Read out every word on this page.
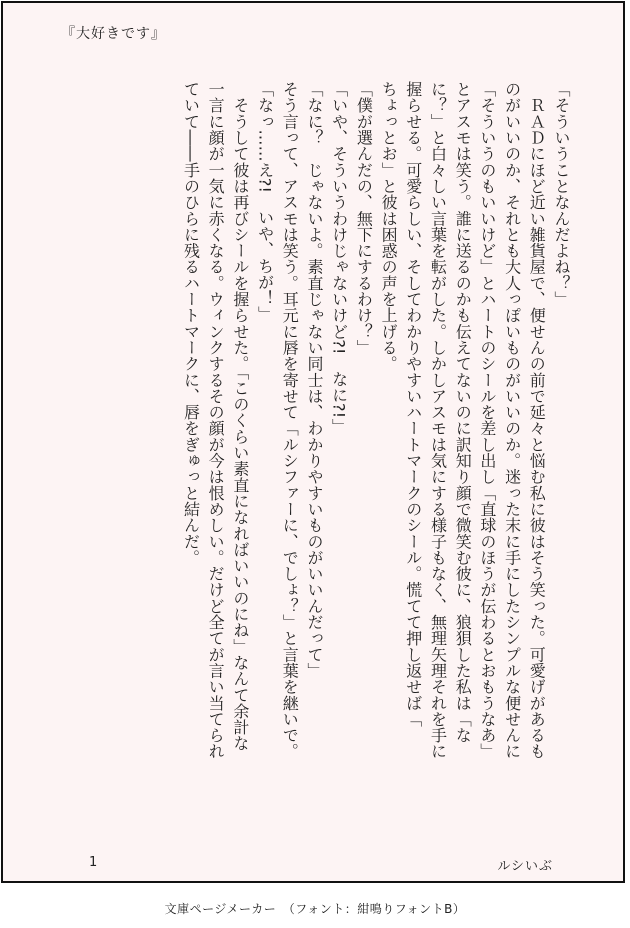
『大好きです』
「そういうことなんだよね？」
　ＲＡＤにほど近い雑貨屋で、便せんの前で延々と悩む私に彼はそう笑った。可愛げがあるも
のがいいのか、それとも大人っぽいものがいいのか。迷った末に手にしたシンプルな便せんに
「そういうのもいいけど」とハートのシールを差し出し「直球のほうが伝わるとおもうなあ」
とアスモは笑う。誰に送るのかも伝えてないのに訳知り顔で微笑む彼に、狼狽した私は「な
に？」と白々しい言葉を転がした。しかしアスモは気にする様子もなく、無理矢理それを手に
握らせる。可愛らしい、そしてわかりやすいハートマークのシール。慌てて押し返せば「
ちょっとお」と彼は困惑の声を上げる。
「僕が選んだの、無下にするわけ？」
「いや、そういうわけじゃないけど?!　なに?!」
「なに？　じゃないよ。素直じゃない同士は、わかりやすいものがいいんだって」
そう言って、アスモは笑う。耳元に唇を寄せて「ルシファーに、でしょ？」と言葉を継いで。
「なっ……え?!　いや、ちが！」
　そうして彼は再びシールを握らせた。「このくらい素直になればいいのにね」なんて余計な
一言に顔が一気に赤くなる。ウィンクするその顔が今は恨めしい。だけど全てが言い当てられ
ていて――手のひらに残るハートマークに、唇をぎゅっと結んだ。
1	ルシいぶ
文庫ページメーカー　（フォント：紺鳴りフォントB）
